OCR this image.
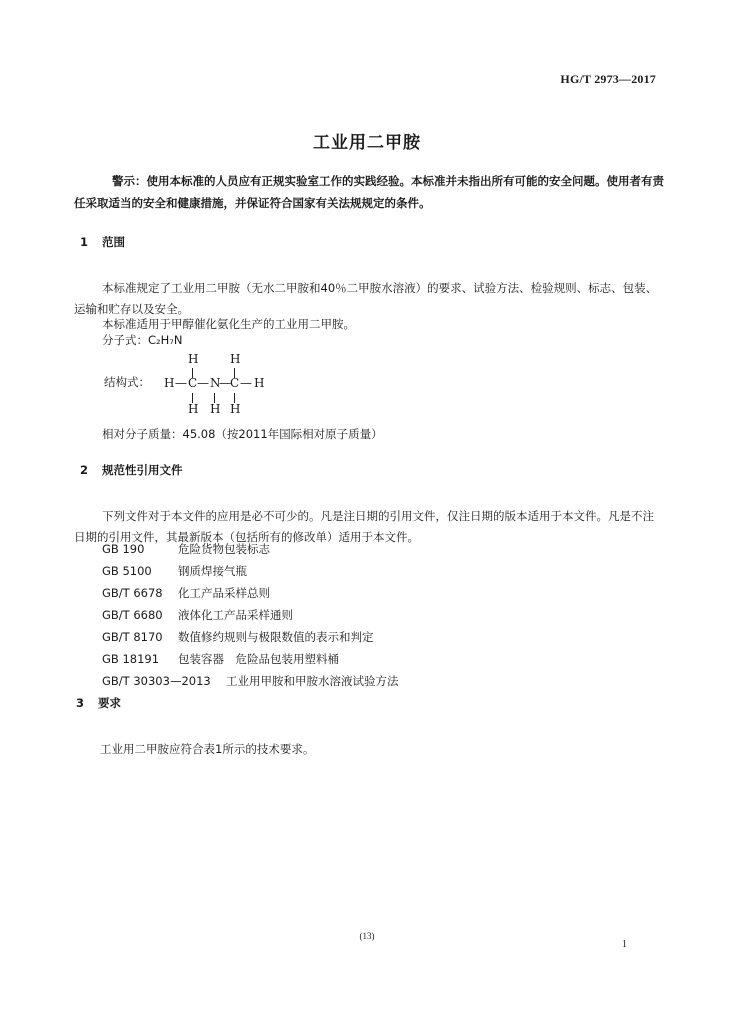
HG/T 2973—2017
工业用二甲胺
警示：使用本标准的人员应有正规实验室工作的实践经验。本标准并未指出所有可能的安全问题。使用者有责任采取适当的安全和健康措施，并保证符合国家有关法规规定的条件。
1 范围
本标准规定了工业用二甲胺（无水二甲胺和40％二甲胺水溶液）的要求、试验方法、检验规则、标志、包装、运输和贮存以及安全。
本标准适用于甲醇催化氨化生产的工业用二甲胺。
分子式：C₂H₇N
结构式：
H	H
H — C — N
— C — H
H H H
相对分子质量：45.08（按2011年国际相对原子质量）
2 规范性引用文件
下列文件对于本文件的应用是必不可少的。凡是注日期的引用文件，仅注日期的版本适用于本文件。凡是不注日期的引用文件，其最新版本（包括所有的修改单）适用于本文件。
GB 190	危险货物包装标志
GB 5100 钢质焊接气瓶
GB/T 6678 化工产品采样总则
GB/T 6680 液体化工产品采样通则
GB/T 8170 数值修约规则与极限数值的表示和判定
GB 18191 包装容器　危险品包装用塑料桶
GB/T 30303—2013 工业用甲胺和甲胺水溶液试验方法
3 要求
工业用二甲胺应符合表1所示的技术要求。
(13)
1
